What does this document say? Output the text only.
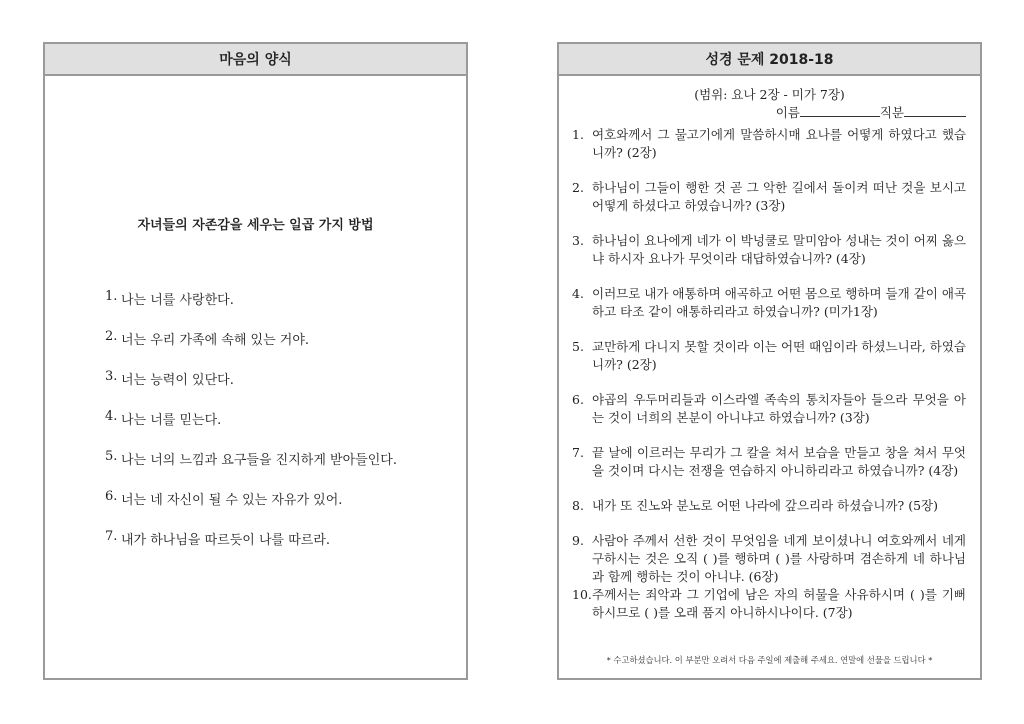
마음의 양식
자녀들의 자존감을 세우는 일곱 가지 방법
1. 나는 너를 사랑한다.
2. 너는 우리 가족에 속해 있는 거야.
3. 너는 능력이 있단다.
4. 나는 너를 믿는다.
5. 나는 너의 느낌과 요구들을 진지하게 받아들인다.
6. 너는 네 자신이 될 수 있는 자유가 있어.
7. 내가 하나님을 따르듯이 나를 따르라.
성경 문제 2018-18
(범위: 요나 2장 - 미가 7장)
이름	직분
1. 여호와께서 그 물고기에게 말씀하시매 요나를 어떻게 하였다고 했습니까? (2장)
2. 하나님이 그들이 행한 것 곧 그 악한 길에서 돌이켜 떠난 것을 보시고 어떻게 하셨다고 하였습니까? (3장)
3. 하나님이 요나에게 네가 이 박넝쿨로 말미암아 성내는 것이 어찌 옳으냐 하시자 요나가 무엇이라 대답하였습니까? (4장)
4. 이러므로 내가 애통하며 애곡하고 어떤 몸으로 행하며 들개 같이 애곡하고 타조 같이 애통하리라고 하였습니까? (미가1장)
5. 교만하게 다니지 못할 것이라 이는 어떤 때임이라 하셨느니라, 하였습니까? (2장)
6. 야곱의 우두머리들과 이스라엘 족속의 통치자들아 들으라 무엇을 아는 것이 너희의 본분이 아니냐고 하였습니까? (3장)
7. 끝 날에 이르러는 무리가 그 칼을 쳐서 보습을 만들고 창을 쳐서 무엇을 것이며 다시는 전쟁을 연습하지 아니하리라고 하였습니까? (4장)
8. 내가 또 진노와 분노로 어떤 나라에 갚으리라 하셨습니까? (5장)
9. 사람아 주께서 선한 것이 무엇임을 네게 보이셨나니 여호와께서 네게 구하시는 것은 오직 ( )를 행하며 ( )를 사랑하며 겸손하게 네 하나님과 함께 행하는 것이 아니냐. (6장)
10. 주께서는 죄악과 그 기업에 남은 자의 허물을 사유하시며 ( )를 기뻐하시므로 ( )를 오래 품지 아니하시나이다. (7장)
* 수고하셨습니다. 이 부분만 오려서 다음 주일에 제출해 주세요. 연말에 선물을 드립니다 *
